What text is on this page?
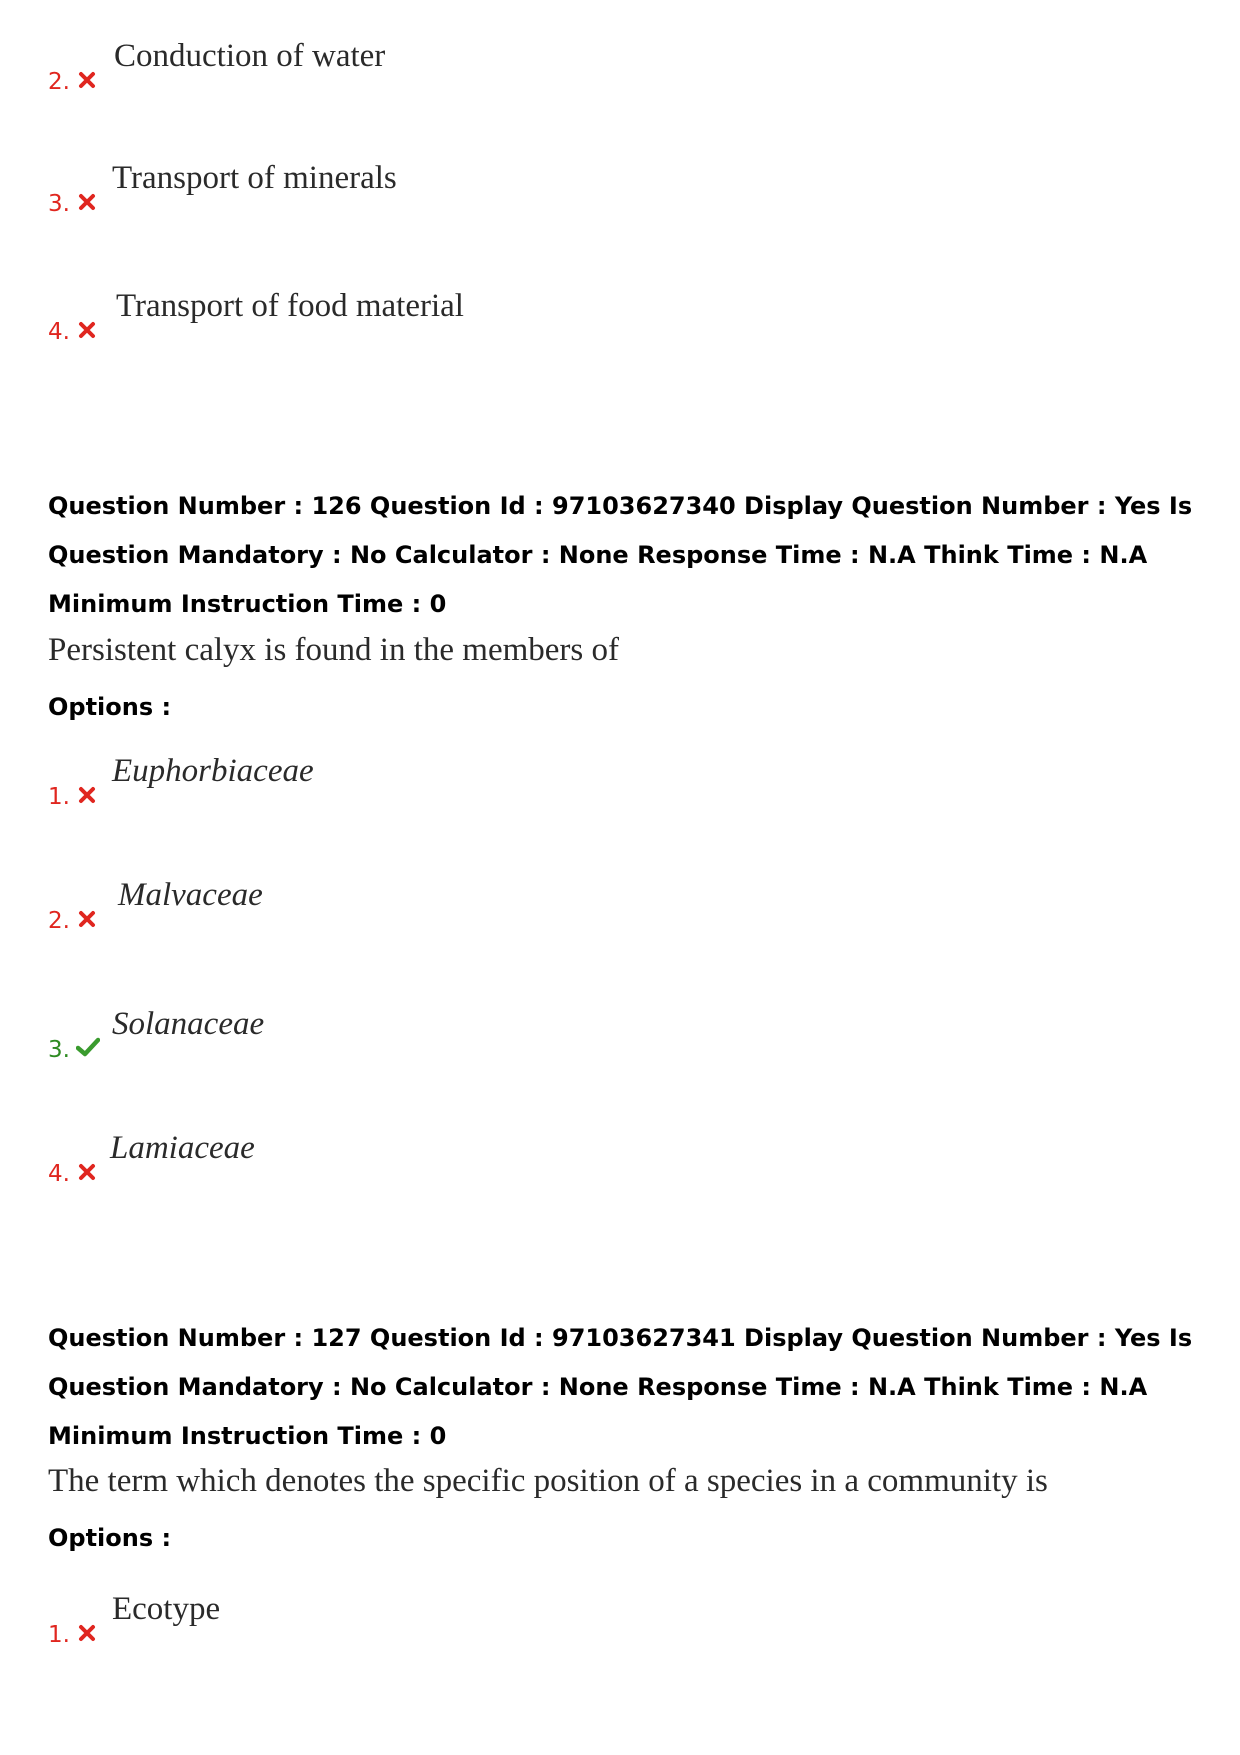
2.
Conduction of water
3.
Transport of minerals
4.
Transport of food material
Question Number : 126 Question Id : 97103627340 Display Question Number : Yes Is Question Mandatory : No Calculator : None Response Time : N.A Think Time : N.A Minimum Instruction Time : 0
Persistent calyx is found in the members of
Options :
1.
Euphorbiaceae
2.
Malvaceae
3.
Solanaceae
4.
Lamiaceae
Question Number : 127 Question Id : 97103627341 Display Question Number : Yes Is Question Mandatory : No Calculator : None Response Time : N.A Think Time : N.A Minimum Instruction Time : 0
The term which denotes the specific position of a species in a community is
Options :
1.
Ecotype
